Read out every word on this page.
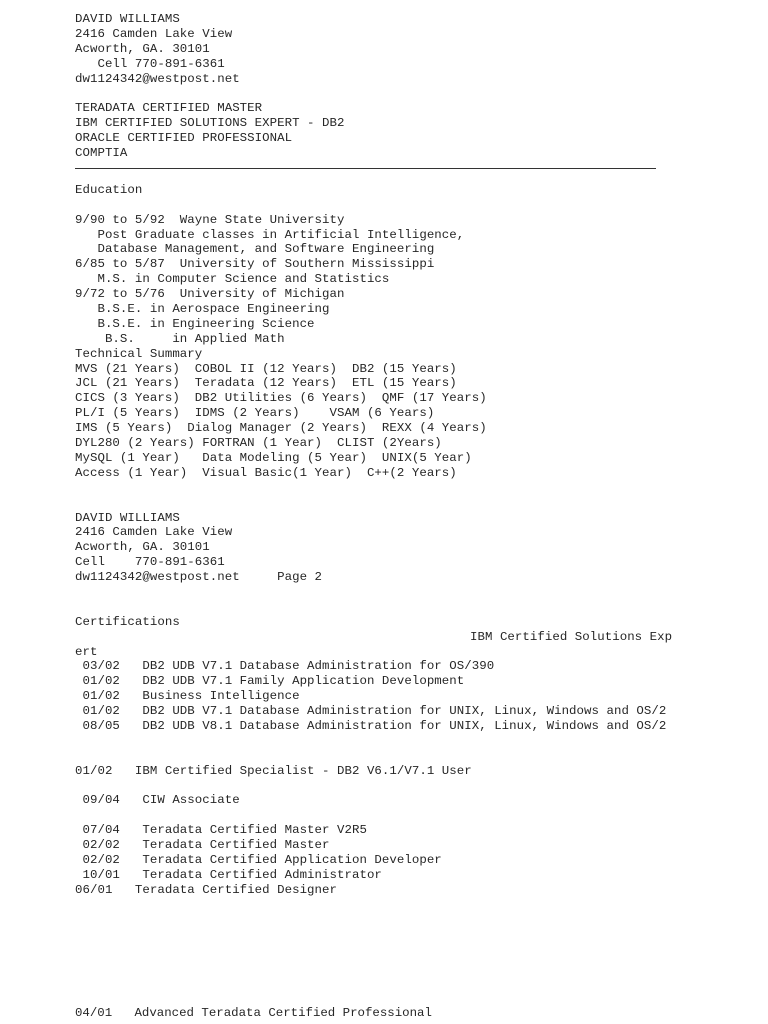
DAVID WILLIAMS
2416 Camden Lake View
Acworth, GA. 30101
Cell 770-891-6361
dw1124342@westpost.net
TERADATA CERTIFIED MASTER
IBM CERTIFIED SOLUTIONS EXPERT - DB2
ORACLE CERTIFIED PROFESSIONAL
COMPTIA
Education
9/90 to 5/92  Wayne State University
Post Graduate classes in Artificial Intelligence,
Database Management, and Software Engineering
6/85 to 5/87  University of Southern Mississippi
M.S. in Computer Science and Statistics
9/72 to 5/76  University of Michigan
B.S.E. in Aerospace Engineering
B.S.E. in Engineering Science
B.S.     in Applied Math
Technical Summary
MVS (21 Years)  COBOL II (12 Years)  DB2 (15 Years)
JCL (21 Years)  Teradata (12 Years)  ETL (15 Years)
CICS (3 Years)  DB2 Utilities (6 Years)  QMF (17 Years)
PL/I (5 Years)  IDMS (2 Years)    VSAM (6 Years)
IMS (5 Years)  Dialog Manager (2 Years)  REXX (4 Years)
DYL280 (2 Years) FORTRAN (1 Year)  CLIST (2Years)
MySQL (1 Year)   Data Modeling (5 Year)  UNIX(5 Year)
Access (1 Year)  Visual Basic(1 Year)  C++(2 Years)
DAVID WILLIAMS
2416 Camden Lake View
Acworth, GA. 30101
Cell    770-891-6361
dw1124342@westpost.net     Page 2
Certifications
IBM Certified Solutions Exp
ert
03/02   DB2 UDB V7.1 Database Administration for OS/390
01/02   DB2 UDB V7.1 Family Application Development
01/02   Business Intelligence
01/02   DB2 UDB V7.1 Database Administration for UNIX, Linux, Windows and OS/2
08/05   DB2 UDB V8.1 Database Administration for UNIX, Linux, Windows and OS/2
01/02   IBM Certified Specialist - DB2 V6.1/V7.1 User
09/04   CIW Associate
07/04   Teradata Certified Master V2R5
02/02   Teradata Certified Master
02/02   Teradata Certified Application Developer
10/01   Teradata Certified Administrator
06/01   Teradata Certified Designer
04/01   Advanced Teradata Certified Professional
